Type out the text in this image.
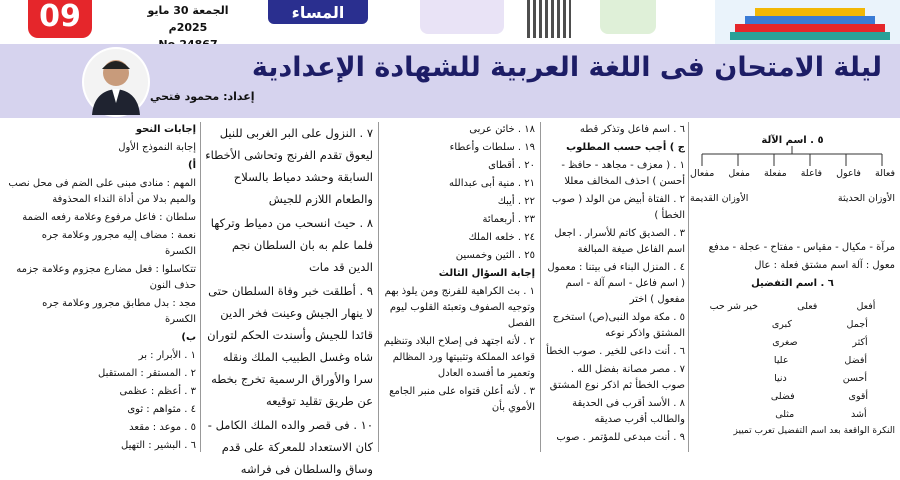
09	الجمعة 30 مايو 2025م
المساء
ليلة الامتحان فى اللغة العربية للشهادة الإعدادية
إعداد: محمود فتحي

إجابات النحو

إجابة النموذج الأول

أ)

المهم : منادى مبنى على الضم فى محل نصب والميم بدلا من أداة النداء المحذوفة

سلطان : فاعل مرفوع وعلامة رفعه الضمة

نعمة : مضاف إليه مجرور وعلامة جره الكسرة

تتكاسلوا : فعل مضارع مجزوم وعلامة جزمه حذف النون

مجد : بدل مطابق مجرور وعلامة جره الكسرة

ب)

١ . الأبرار : بر

٢ . المستقر : المستقبل

٣ . أعظم : عظمى

٤ . مثواهم : ثوى

٥ . موعد : مقعد

٦ . البشير : التهيل

٧ . النزول على البر الغربى للنيل ليعوق تقدم الفرنج وتحاشى الأخطاء السابقة وحشد دمياط بالسلاح والطعام اللازم للجيش

٨ . حيث انسحب من دمياط وتركها فلما علم به بان السلطان نجم الدين قد مات

٩ . أطلقت خبر وفاة السلطان حتى لا ينهار الجيش وعينت فخر الدين قائدا للجيش وأسندت الحكم لتوران شاه وغسل الطبيب الملك ونقله سرا والأوراق الرسمية تخرج بخطه عن طريق تقليد توقيعه

١٠ . فى قصر والده الملك الكامل - كان الاستعداد للمعركة على قدم وساق والسلطان فى فراشه

١٨ . خائن عربى

١٩ . سلطات وأعطاء

٢٠ . أقطاى

٢١ . منية أبى عبدالله

٢٢ . أيبك

٢٣ . أربعمائة

٢٤ . خلعه الملك

٢٥ . الثين وخمسين

إجابة السؤال الثالث

١ . بث الكراهية للفرنج ومن يلوذ بهم وتوجيه الصفوف وتعبئة القلوب ليوم الفصل

٢ . لأنه اجتهد فى إصلاح البلاد وتنظيم قواعد المملكة وتثبيتها ورد المظالم وتعمير ما أفسده العادل

٣ . لأنه أعلن قتواه على منبر الجامع الأموي بأن

٦ . اسم فاعل وتذكر قطه

ج ) أجب حسب المطلوب

١ . ( معزف - مجاهد - حافظ - أحسن ) احذف المخالف معللا

٢ . الفتاة أبيض من الولد ( صوب الخطأ )

٣ . الصديق كاتم للأسرار . اجعل اسم الفاعل صيغة المبالغة

٤ . المنزل البناء فى بيتنا : معمول ( اسم فاعل - اسم آلة - اسم مفعول ) اختر

٥ . مكة مولد النبى(ص) استخرج المشتق واذكر نوعه

٦ . أنت داعى للخير . صوب الخطأ

٧ . مصر مصانة بفضل الله . صوب الخطأ ثم اذكر نوع المشتق

٨ . الأسد أقرب فى الحديقة والطالب أقرب صديقه

٩ . أنت مبدعى للمؤتمر . صوب

٥ . اسم الآلة
فعالة
فاعول
فاعلة
مفعلة
مفعل
مفعال
الأوزان الحديثة
الأوزان القديمة

مرآة - مكيال - مقياس - مفتاح - عجلة - مدفع

معول : آلة اسم مشتق فعلة : عال

٦ . اسم التفضيل

أفعل
فعلى
خير شر حب
أجمل
كبرى
أكثر
صغرى
أفضل
عليا
أحسن
دنيا
أقوى
فضلى
أشد
مثلى
النكرة الواقعة بعد اسم التفضيل تعرب تمييز
